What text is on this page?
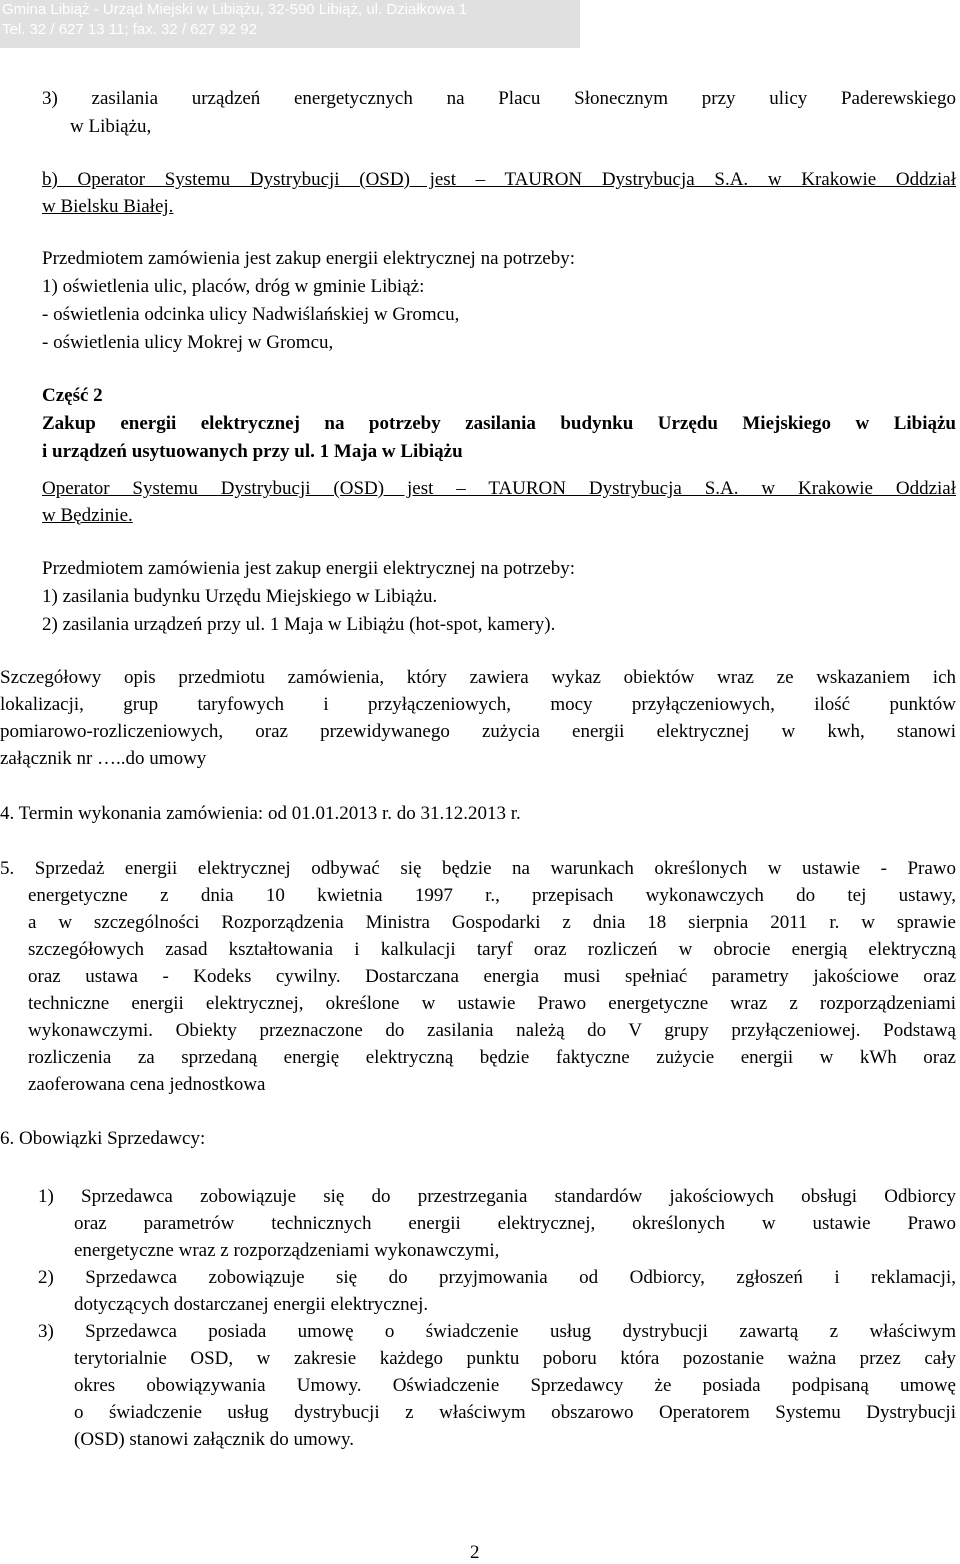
Gmina Libiąż - Urząd Miejski w Libiążu, 32-590 Libiąż, ul. Działkowa 1
Tel. 32 / 627 13 11; fax. 32 / 627 92 92
3) zasilania urządzeń energetycznych na Placu Słonecznym przy ulicy Paderewskiego
w Libiążu,
b) Operator Systemu Dystrybucji (OSD) jest – TAURON Dystrybucja S.A. w Krakowie Oddział
w Bielsku Białej.
Przedmiotem zamówienia jest zakup energii elektrycznej na potrzeby:
1) oświetlenia ulic, placów, dróg w gminie Libiąż:
- oświetlenia odcinka ulicy Nadwiślańskiej w Gromcu,
- oświetlenia ulicy Mokrej w Gromcu,
Część 2
Zakup energii elektrycznej na potrzeby zasilania budynku Urzędu Miejskiego w Libiążu
i urządzeń usytuowanych przy ul. 1 Maja w Libiążu
Operator Systemu Dystrybucji (OSD) jest – TAURON Dystrybucja S.A. w Krakowie Oddział
w Będzinie.
Przedmiotem zamówienia jest zakup energii elektrycznej na potrzeby:
1) zasilania budynku Urzędu Miejskiego w Libiążu.
2) zasilania urządzeń przy ul. 1 Maja w Libiążu (hot-spot, kamery).
Szczegółowy opis przedmiotu zamówienia, który zawiera wykaz obiektów wraz ze wskazaniem ich
lokalizacji, grup taryfowych i przyłączeniowych, mocy przyłączeniowych, ilość punktów
pomiarowo-rozliczeniowych, oraz przewidywanego zużycia energii elektrycznej w kwh, stanowi
załącznik nr …..do umowy
4. Termin wykonania zamówienia: od 01.01.2013 r. do 31.12.2013 r.
5. Sprzedaż energii elektrycznej odbywać się będzie na warunkach określonych w ustawie - Prawo
energetyczne z dnia 10 kwietnia 1997 r., przepisach wykonawczych do tej ustawy,
a w szczególności Rozporządzenia Ministra Gospodarki z dnia 18 sierpnia 2011 r. w sprawie
szczegółowych zasad kształtowania i kalkulacji taryf oraz rozliczeń w obrocie energią elektryczną
oraz ustawa - Kodeks cywilny. Dostarczana energia musi spełniać parametry jakościowe oraz
techniczne energii elektrycznej, określone w ustawie Prawo energetyczne wraz z rozporządzeniami
wykonawczymi. Obiekty przeznaczone do zasilania należą do V grupy przyłączeniowej. Podstawą
rozliczenia za sprzedaną energię elektryczną będzie faktyczne zużycie energii w kWh oraz
zaoferowana cena jednostkowa
6. Obowiązki Sprzedawcy:
1) Sprzedawca zobowiązuje się do przestrzegania standardów jakościowych obsługi Odbiorcy
oraz parametrów technicznych energii elektrycznej, określonych w ustawie Prawo
energetyczne wraz z rozporządzeniami wykonawczymi,
2) Sprzedawca zobowiązuje się do przyjmowania od Odbiorcy, zgłoszeń i reklamacji,
dotyczących dostarczanej energii elektrycznej.
3) Sprzedawca posiada umowę o świadczenie usług dystrybucji zawartą z właściwym
terytorialnie OSD, w zakresie każdego punktu poboru która pozostanie ważna przez cały
okres obowiązywania Umowy. Oświadczenie Sprzedawcy że posiada podpisaną umowę
o świadczenie usług dystrybucji z właściwym obszarowo Operatorem Systemu Dystrybucji
(OSD) stanowi załącznik do umowy.
2
